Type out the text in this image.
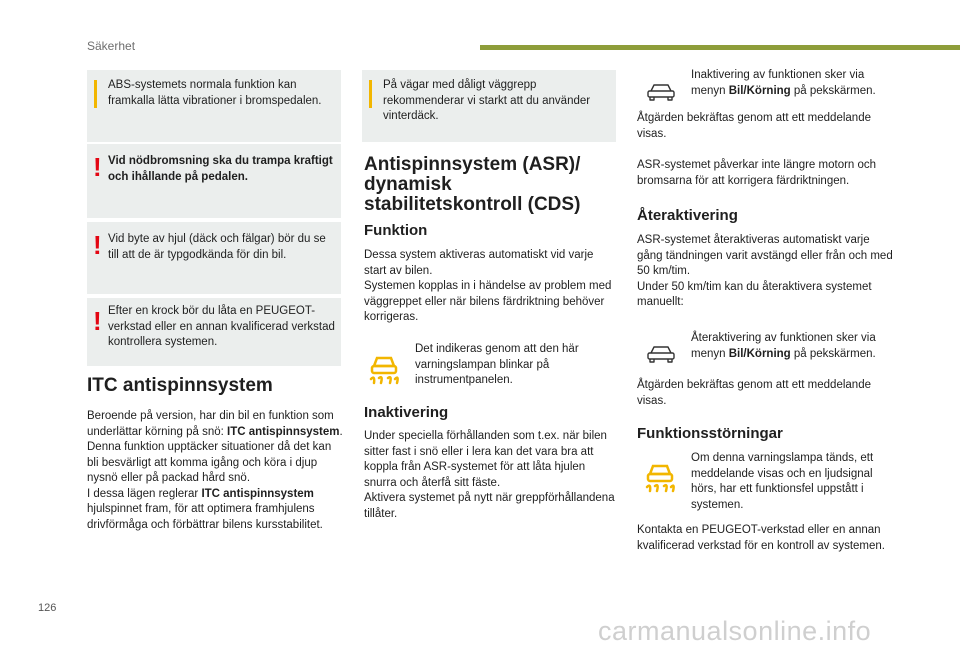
Säkerhet
ABS-systemets normala funktion kan framkalla lätta vibrationer i bromspedalen.
! Vid nödbromsning ska du trampa kraftigt och ihållande på pedalen.
! Vid byte av hjul (däck och fälgar) bör du se till att de är typgodkända för din bil.
! Efter en krock bör du låta en PEUGEOT-verkstad eller en annan kvalificerad verkstad kontrollera systemen.
ITC antispinnsystem
Beroende på version, har din bil en funktion som underlättar körning på snö: ITC antispinnsystem.
Denna funktion upptäcker situationer då det kan bli besvärligt att komma igång och köra i djup nysnö eller på packad hård snö.
I dessa lägen reglerar ITC antispinnsystem hjulspinnet fram, för att optimera framhjulens drivförmåga och förbättrar bilens kursstabilitet.
På vägar med dåligt väggrepp rekommenderar vi starkt att du använder vinterdäck.
Antispinnsystem (ASR)/ dynamisk stabilitetskontroll (CDS)
Funktion
Dessa system aktiveras automatiskt vid varje start av bilen.
Systemen kopplas in i händelse av problem med väggreppet eller när bilens färdriktning behöver korrigeras.
Det indikeras genom att den här varningslampan blinkar på instrumentpanelen.
Inaktivering
Under speciella förhållanden som t.ex. när bilen sitter fast i snö eller i lera kan det vara bra att koppla från ASR-systemet för att låta hjulen snurra och återfå sitt fäste.
Aktivera systemet på nytt när greppförhållandena tillåter.
Inaktivering av funktionen sker via menyn Bil/Körning på pekskärmen.
Åtgärden bekräftas genom att ett meddelande visas.
ASR-systemet påverkar inte längre motorn och bromsarna för att korrigera färdriktningen.
Återaktivering
ASR-systemet återaktiveras automatiskt varje gång tändningen varit avstängd eller från och med 50 km/tim.
Under 50 km/tim kan du återaktivera systemet manuellt:
Återaktivering av funktionen sker via menyn Bil/Körning på pekskärmen.
Åtgärden bekräftas genom att ett meddelande visas.
Funktionsstörningar
Om denna varningslampa tänds, ett meddelande visas och en ljudsignal hörs, har ett funktionsfel uppstått i systemen.
Kontakta en PEUGEOT-verkstad eller en annan kvalificerad verkstad för en kontroll av systemen.
126
carmanualsonline.info
